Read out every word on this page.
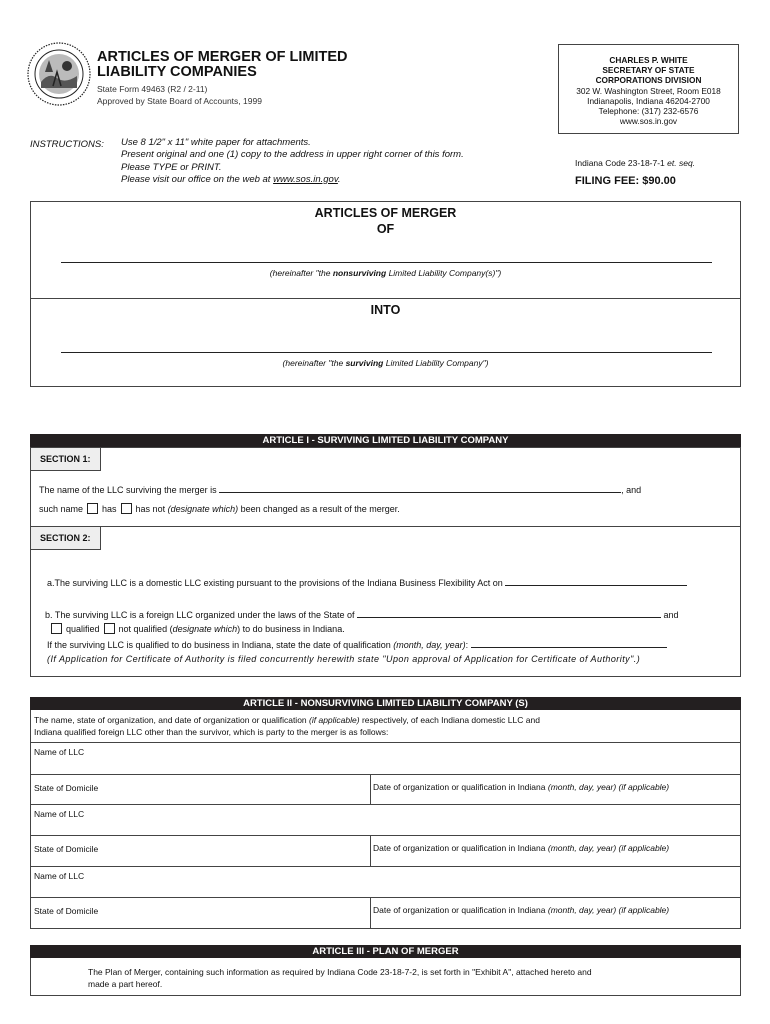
ARTICLES OF MERGER OF LIMITED LIABILITY COMPANIES
State Form 49463 (R2 / 2-11)
Approved by State Board of Accounts, 1999
CHARLES P. WHITE
SECRETARY OF STATE
CORPORATIONS DIVISION
302 W. Washington Street, Room E018
Indianapolis, Indiana 46204-2700
Telephone: (317) 232-6576
www.sos.in.gov
INSTRUCTIONS: Use 8 1/2" x 11" white paper for attachments.
Present original and one (1) copy to the address in upper right corner of this form.
Please TYPE or PRINT.
Please visit our office on the web at www.sos.in.gov.
Indiana Code 23-18-7-1 et. seq.
FILING FEE: $90.00
ARTICLES OF MERGER
OF
(hereinafter "the nonsurviving Limited Liability Company(s)")
INTO
(hereinafter "the surviving Limited Liability Company")
ARTICLE I - SURVIVING LIMITED LIABILITY COMPANY
SECTION 1:
The name of the LLC surviving the merger is	, and
such name has has not (designate which) been changed as a result of the merger.
SECTION 2:
a.The surviving LLC is a domestic LLC existing pursuant to the provisions of the Indiana Business Flexibility Act on
b. The surviving LLC is a foreign LLC organized under the laws of the State of	and
qualified not qualified (designate which) to do business in Indiana.
If the surviving LLC is qualified to do business in Indiana, state the date of qualification (month, day, year):
(If Application for Certificate of Authority is filed concurrently herewith state "Upon approval of Application for Certificate of Authority".)
ARTICLE II - NONSURVIVING LIMITED LIABILITY COMPANY (S)
The name, state of organization, and date of organization or qualification (if applicable) respectively, of each Indiana domestic LLC and
Indiana qualified foreign LLC other than the survivor, which is party to the merger is as follows:
Name of LLC
State of Domicile	Date of organization or qualification in Indiana (month, day, year) (if applicable)
Name of LLC
State of Domicile	Date of organization or qualification in Indiana (month, day, year) (if applicable)
Name of LLC
State of Domicile	Date of organization or qualification in Indiana (month, day, year) (if applicable)
ARTICLE III - PLAN OF MERGER
The Plan of Merger, containing such information as required by Indiana Code 23-18-7-2, is set forth in "Exhibit A", attached hereto and
made a part hereof.
